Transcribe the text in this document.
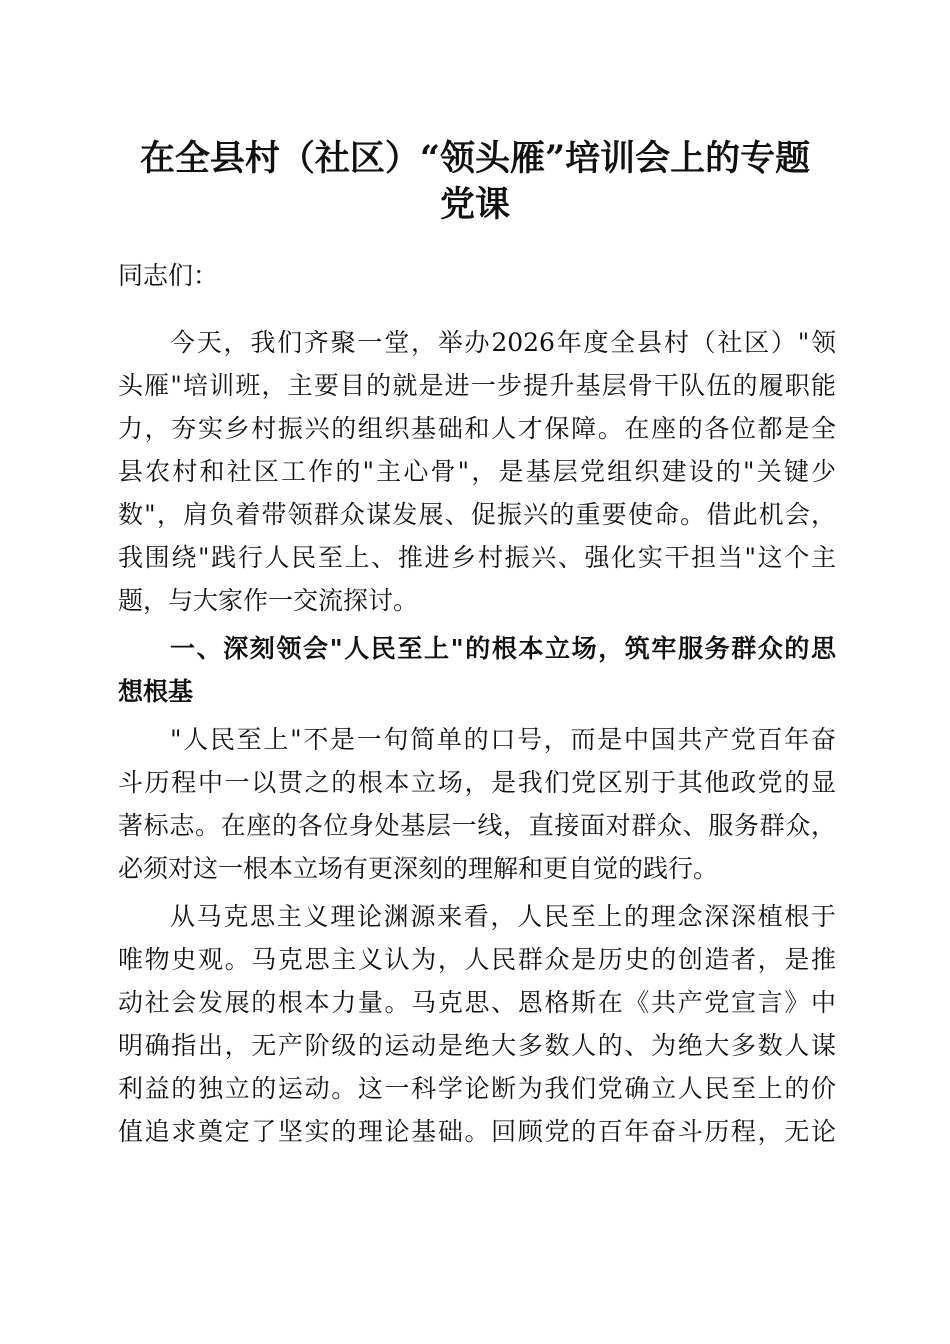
在全县村（社区）“领头雁”培训会上的专题
党课
同志们：
今天，我们齐聚一堂，举办2026年度全县村（社区）"领
头雁"培训班，主要目的就是进一步提升基层骨干队伍的履职能
力，夯实乡村振兴的组织基础和人才保障。在座的各位都是全
县农村和社区工作的"主心骨"，是基层党组织建设的"关键少
数"，肩负着带领群众谋发展、促振兴的重要使命。借此机会，
我围绕"践行人民至上、推进乡村振兴、强化实干担当"这个主
题，与大家作一交流探讨。
一、深刻领会"人民至上"的根本立场，筑牢服务群众的思
想根基
"人民至上"不是一句简单的口号，而是中国共产党百年奋
斗历程中一以贯之的根本立场，是我们党区别于其他政党的显
著标志。在座的各位身处基层一线，直接面对群众、服务群众，
必须对这一根本立场有更深刻的理解和更自觉的践行。
从马克思主义理论渊源来看，人民至上的理念深深植根于
唯物史观。马克思主义认为，人民群众是历史的创造者，是推
动社会发展的根本力量。马克思、恩格斯在《共产党宣言》中
明确指出，无产阶级的运动是绝大多数人的、为绝大多数人谋
利益的独立的运动。这一科学论断为我们党确立人民至上的价
值追求奠定了坚实的理论基础。回顾党的百年奋斗历程，无论
